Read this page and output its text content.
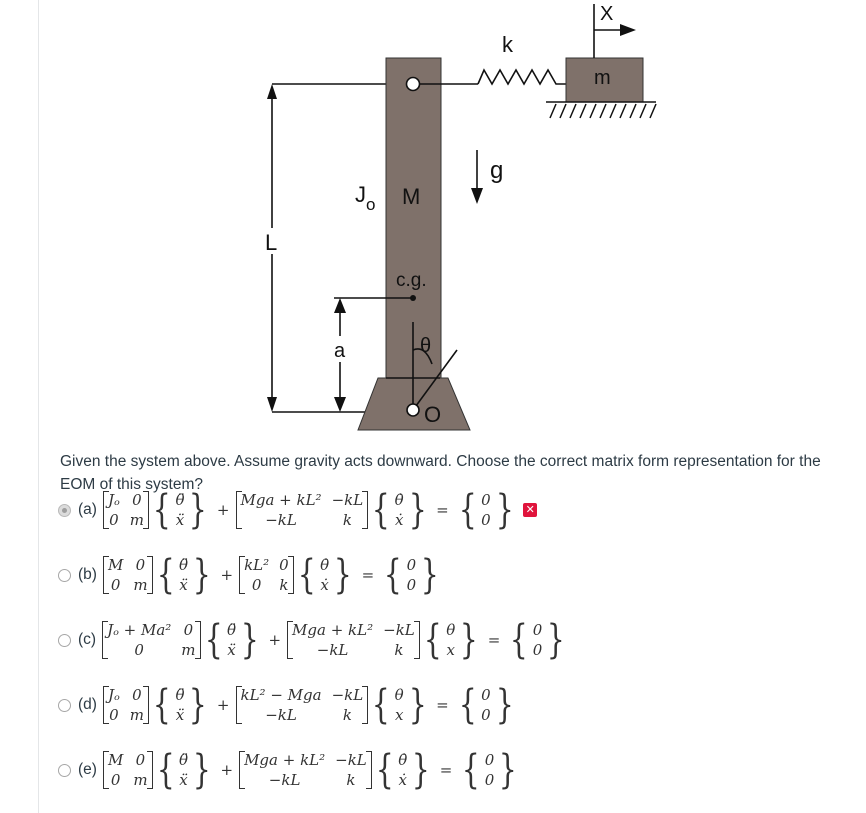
L
k
m
X
g
$J_o$ M
c.g.
a	θ
O
Given the system above. Assume gravity acts downward. Choose the correct matrix form representation for the EOM of this system?
(a)
Jₒ 0
0 m { θ̈
ẍ } +
Mga + kL² −kL
−kL	k { θ̇
ẋ } = { 0
0 } ✕
(b)
M 0
0 m { θ̈
ẍ } +
kL² 0
0	k { θ̇
ẋ } = { 0
0 }
(c)
Jₒ + Ma² 0
0	m { θ̈
ẍ } +
Mga + kL² −kL
−kL	k { θ
x } = { 0
0 }
(d)
Jₒ 0
0 m { θ̈
ẍ } +
kL² − Mga −kL
−kL	k { θ
x } = { 0
0 }
(e)
M 0
0 m { θ̈
ẍ } +
Mga + kL² −kL
−kL	k { θ̇
ẋ } = { 0
0 }
